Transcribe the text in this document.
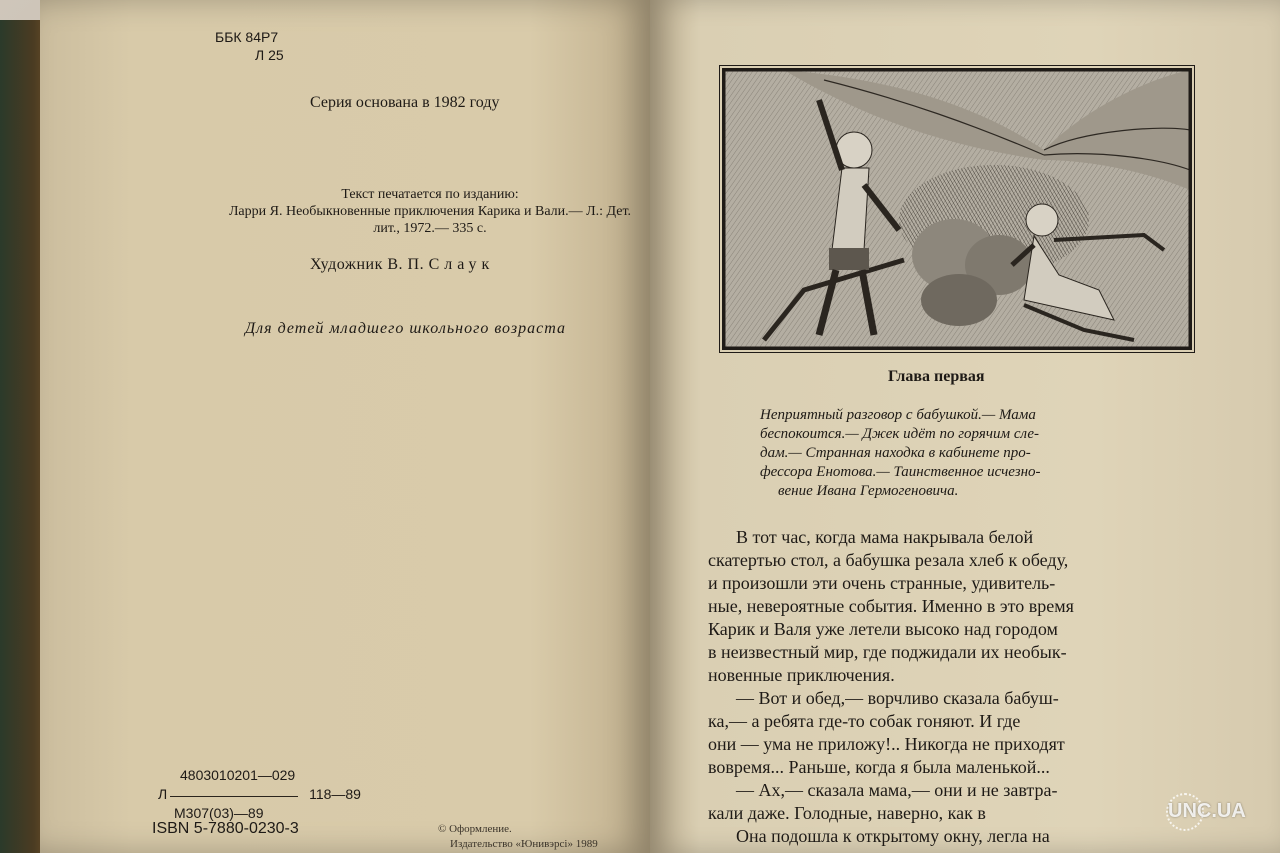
ББК 84Р7
Л 25
Серия основана в 1982 году
Текст печатается по изданию:
Ларри Я. Необыкновенные приключения Карика и Вали.— Л.: Дет.
лит., 1972.— 335 с.
Художник В. П. Слаук
Для детей младшего школьного возраста
4803010201—029
Л	118—89
М307(03)—89
ISBN 5-7880-0230-3	© Оформление.
Издательство «Юнивэрсі» 1989
Глава первая
Неприятный разговор с бабушкой.— Мама
беспокоится.— Джек идёт по горячим сле-
дам.— Странная находка в кабинете про-
фессора Енотова.— Таинственное исчезно-
вение Ивана Гермогеновича.
В тот час, когда мама накрывала белой
скатертью стол, а бабушка резала хлеб к обеду,
и произошли эти очень странные, удивитель-
ные, невероятные события. Именно в это время
Карик и Валя уже летели высоко над городом
в неизвестный мир, где поджидали их необык-
новенные приключения.
— Вот и обед,— ворчливо сказала бабуш-
ка,— а ребята где-то собак гоняют. И где
они — ума не приложу!.. Никогда не приходят
вовремя... Раньше, когда я была маленькой...
— Ах,— сказала мама,— они и не завтра-
кали даже. Голодные, наверно, как в
Она подошла к открытому окну, легла на
UNC.UA
